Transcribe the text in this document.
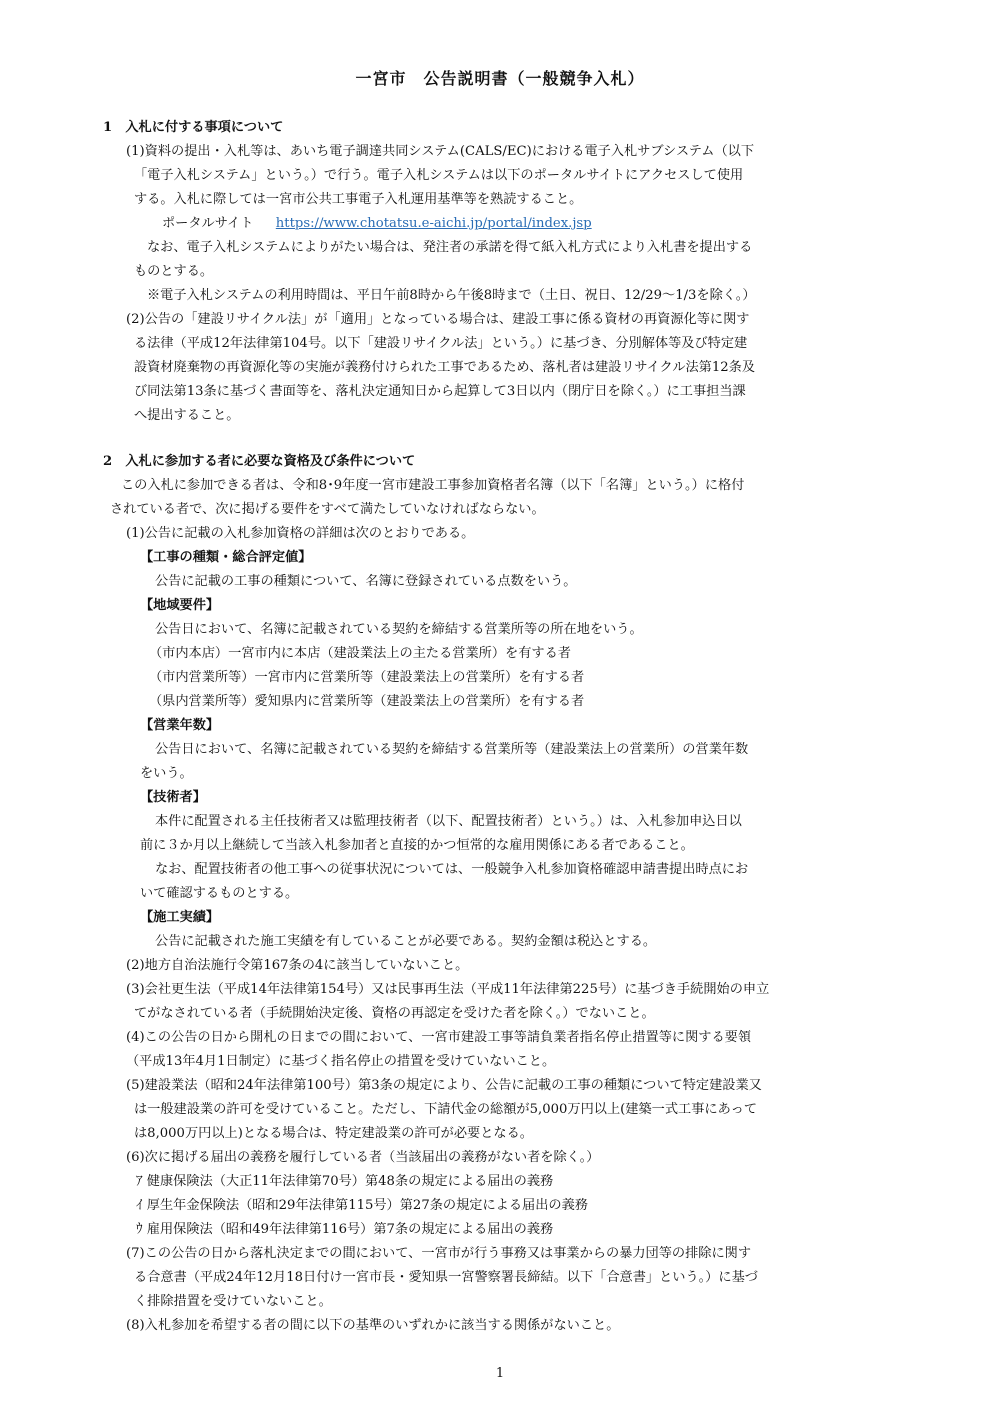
一宮市　公告説明書（一般競争入札）
1　入札に付する事項について
(1)資料の提出・入札等は、あいち電子調達共同システム(CALS/EC)における電子入札サブシステム（以下
「電子入札システム」という。）で行う。電子入札システムは以下のポータルサイトにアクセスして使用
する。入札に際しては一宮市公共工事電子入札運用基準等を熟読すること。
ポータルサイト https://www.chotatsu.e-aichi.jp/portal/index.jsp
なお、電子入札システムによりがたい場合は、発注者の承諾を得て紙入札方式により入札書を提出する
ものとする。
※電子入札システムの利用時間は、平日午前8時から午後8時まで（土日、祝日、12/29～1/3を除く。）
(2)公告の「建設リサイクル法」が「適用」となっている場合は、建設工事に係る資材の再資源化等に関す
る法律（平成12年法律第104号。以下「建設リサイクル法」という。）に基づき、分別解体等及び特定建
設資材廃棄物の再資源化等の実施が義務付けられた工事であるため、落札者は建設リサイクル法第12条及
び同法第13条に基づく書面等を、落札決定通知日から起算して3日以内（閉庁日を除く。）に工事担当課
へ提出すること。
2　入札に参加する者に必要な資格及び条件について
この入札に参加できる者は、令和8･9年度一宮市建設工事参加資格者名簿（以下「名簿」という。）に格付
されている者で、次に掲げる要件をすべて満たしていなければならない。
(1)公告に記載の入札参加資格の詳細は次のとおりである。
【工事の種類・総合評定値】
公告に記載の工事の種類について、名簿に登録されている点数をいう。
【地域要件】
公告日において、名簿に記載されている契約を締結する営業所等の所在地をいう。
（市内本店）一宮市内に本店（建設業法上の主たる営業所）を有する者
（市内営業所等）一宮市内に営業所等（建設業法上の営業所）を有する者
（県内営業所等）愛知県内に営業所等（建設業法上の営業所）を有する者
【営業年数】
公告日において、名簿に記載されている契約を締結する営業所等（建設業法上の営業所）の営業年数
をいう。
【技術者】
本件に配置される主任技術者又は監理技術者（以下、配置技術者）という。）は、入札参加申込日以
前に３か月以上継続して当該入札参加者と直接的かつ恒常的な雇用関係にある者であること。
なお、配置技術者の他工事への従事状況については、一般競争入札参加資格確認申請書提出時点にお
いて確認するものとする。
【施工実績】
公告に記載された施工実績を有していることが必要である。契約金額は税込とする。
(2)地方自治法施行令第167条の4に該当していないこと。
(3)会社更生法（平成14年法律第154号）又は民事再生法（平成11年法律第225号）に基づき手続開始の申立
てがなされている者（手続開始決定後、資格の再認定を受けた者を除く。）でないこと。
(4)この公告の日から開札の日までの間において、一宮市建設工事等請負業者指名停止措置等に関する要領
（平成13年4月1日制定）に基づく指名停止の措置を受けていないこと。
(5)建設業法（昭和24年法律第100号）第3条の規定により、公告に記載の工事の種類について特定建設業又
は一般建設業の許可を受けていること。ただし、下請代金の総額が5,000万円以上(建築一式工事にあって
は8,000万円以上)となる場合は、特定建設業の許可が必要となる。
(6)次に掲げる届出の義務を履行している者（当該届出の義務がない者を除く。）
ｱ 健康保険法（大正11年法律第70号）第48条の規定による届出の義務
ｲ 厚生年金保険法（昭和29年法律第115号）第27条の規定による届出の義務
ｳ 雇用保険法（昭和49年法律第116号）第7条の規定による届出の義務
(7)この公告の日から落札決定までの間において、一宮市が行う事務又は事業からの暴力団等の排除に関す
る合意書（平成24年12月18日付け一宮市長・愛知県一宮警察署長締結。以下「合意書」という。）に基づ
く排除措置を受けていないこと。
(8)入札参加を希望する者の間に以下の基準のいずれかに該当する関係がないこと。
1
